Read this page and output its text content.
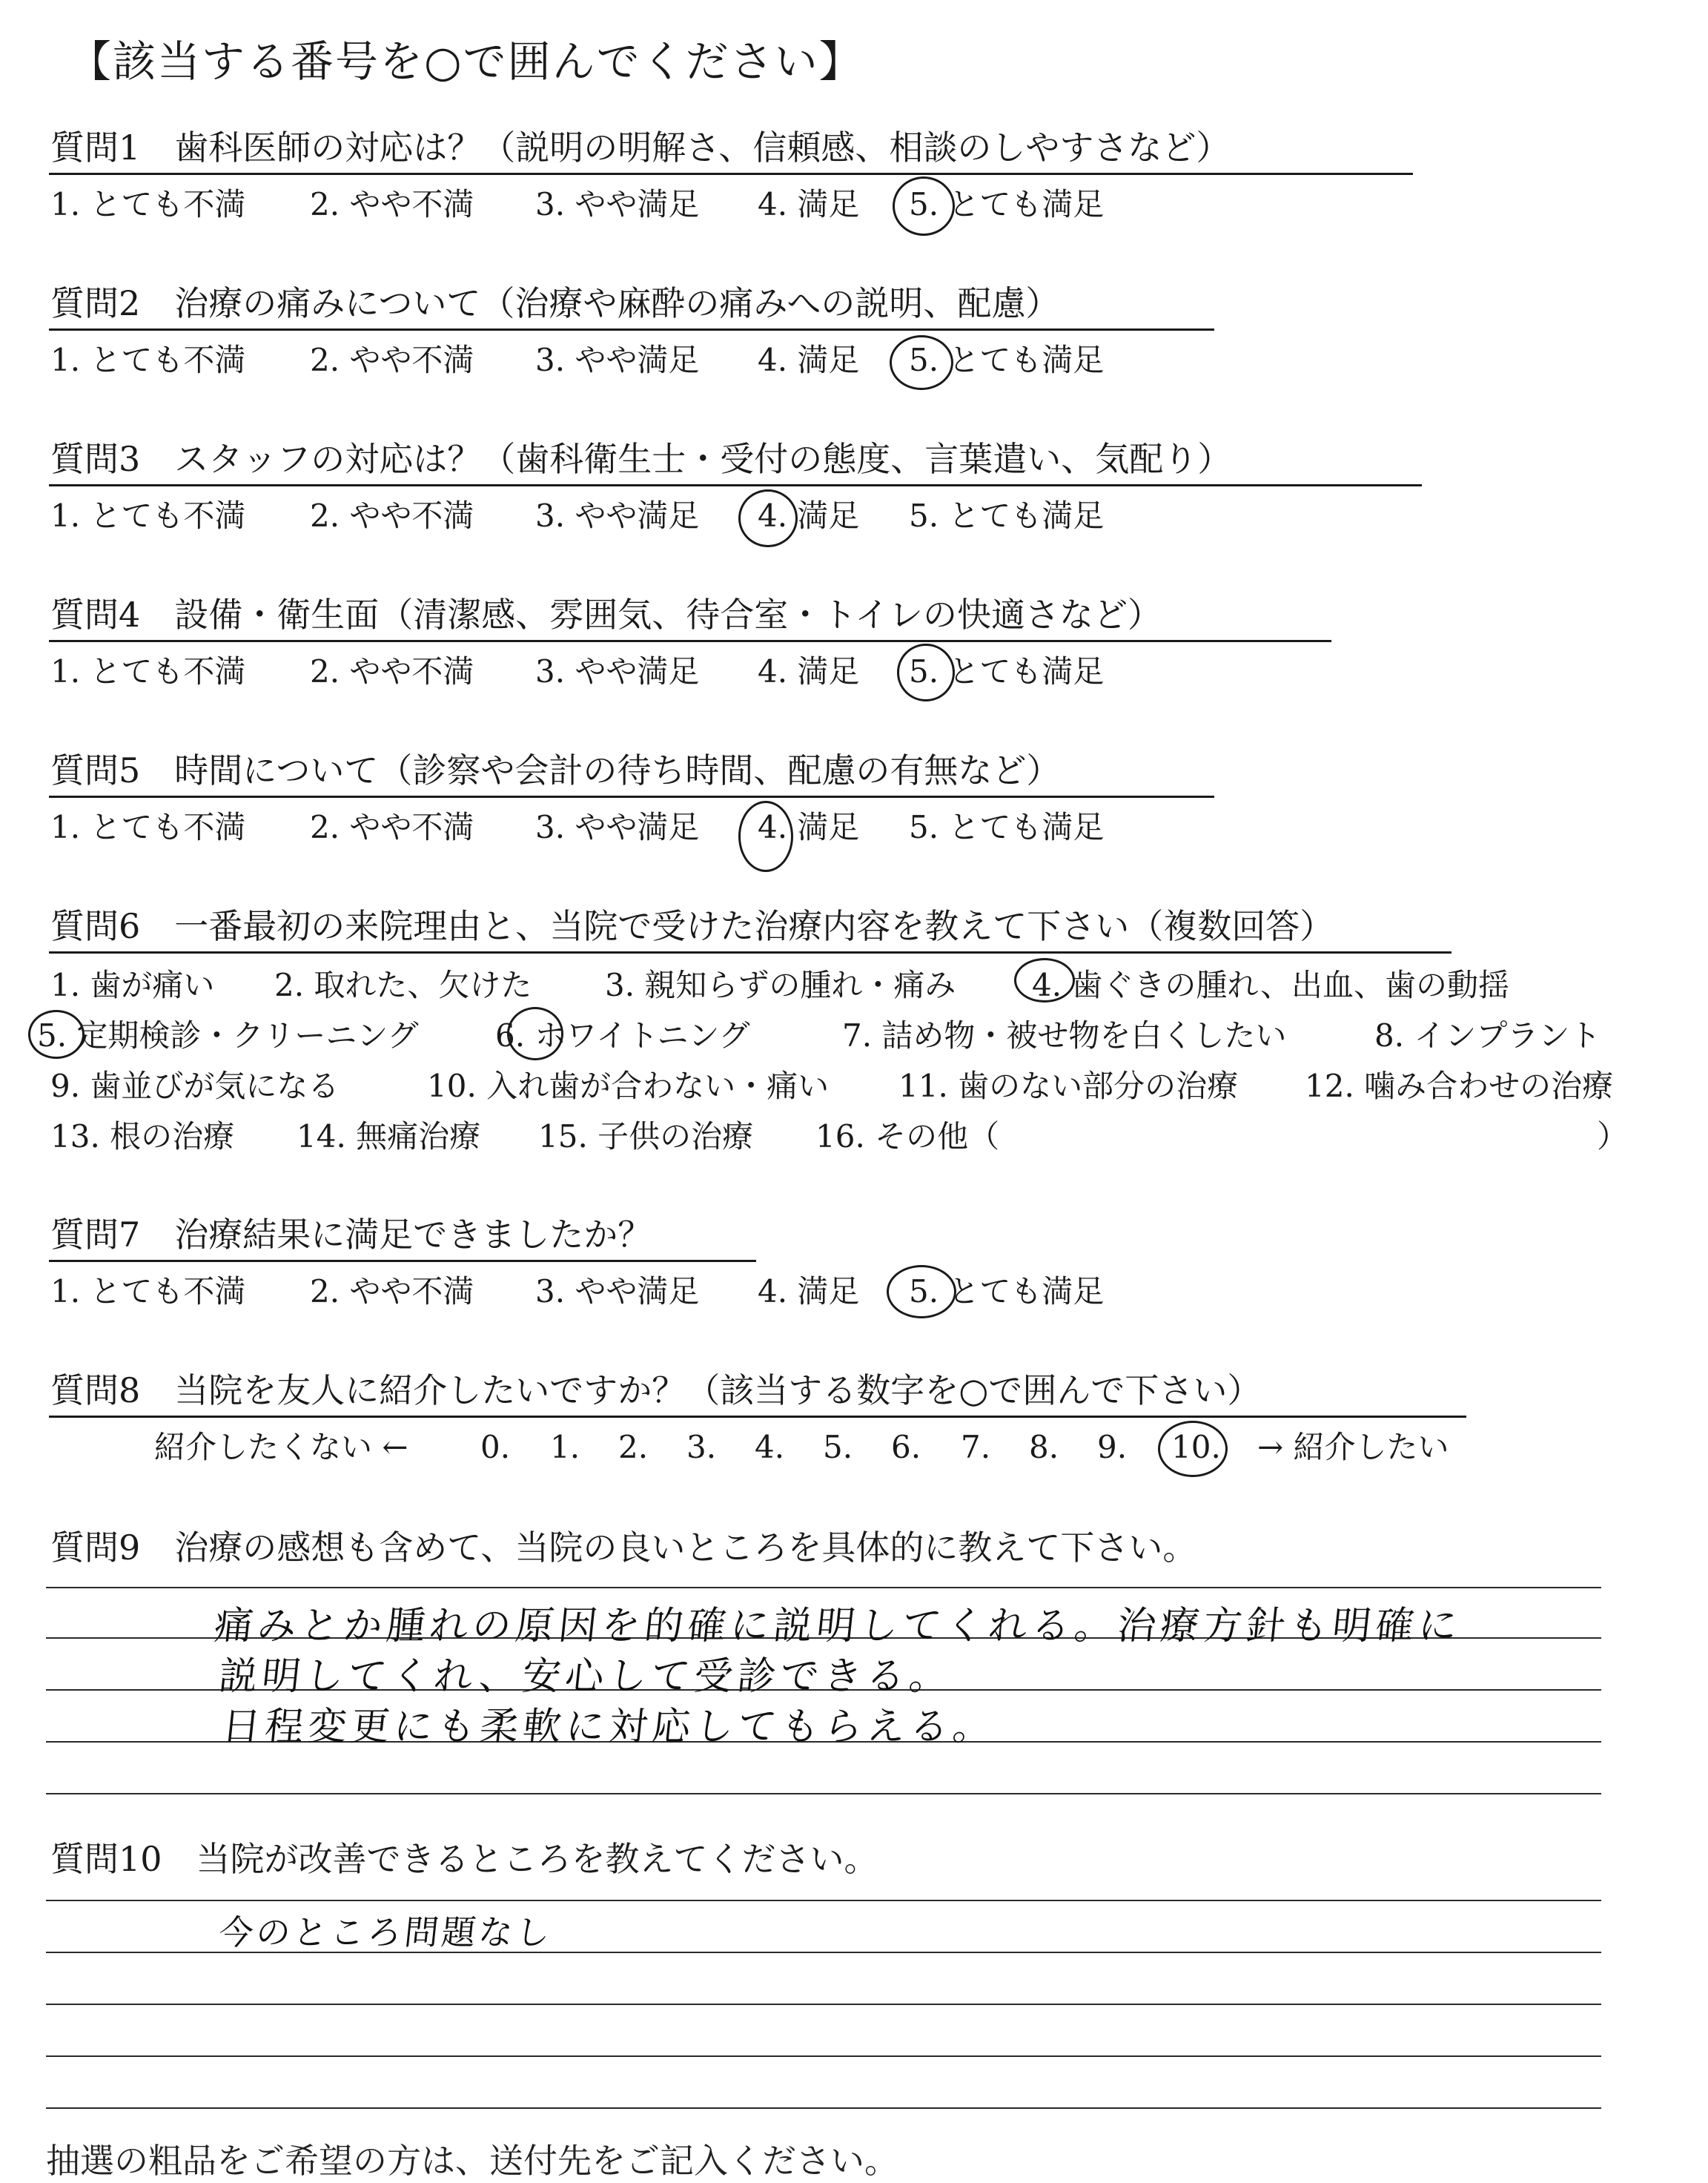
【該当する番号を○で囲んでください】
質問1　歯科医師の対応は？（説明の明解さ、信頼感、相談のしやすさなど）
1. とても不満 2. やや不満 3. やや満足 4. 満足 5. とても満足
質問2　治療の痛みについて（治療や麻酔の痛みへの説明、配慮）
1. とても不満 2. やや不満 3. やや満足 4. 満足 5. とても満足
質問3　スタッフの対応は？（歯科衛生士・受付の態度、言葉遣い、気配り）
1. とても不満 2. やや不満 3. やや満足 4. 満足 5. とても満足
質問4　設備・衛生面（清潔感、雰囲気、待合室・トイレの快適さなど）
1. とても不満 2. やや不満 3. やや満足 4. 満足 5. とても満足
質問5　時間について（診察や会計の待ち時間、配慮の有無など）
1. とても不満 2. やや不満 3. やや満足 4. 満足 5. とても満足
質問6　一番最初の来院理由と、当院で受けた治療内容を教えて下さい（複数回答）
1. 歯が痛い 2. 取れた、欠けた 3. 親知らずの腫れ・痛み 4. 歯ぐきの腫れ、出血、歯の動揺
5. 定期検診・クリーニング 6. ホワイトニング	7. 詰め物・被せ物を白くしたい	8. インプラント
9. 歯並びが気になる	10. 入れ歯が合わない・痛い 11. 歯のない部分の治療 12. 噛み合わせの治療
13. 根の治療 14. 無痛治療 15. 子供の治療 16. その他（	）
質問7　治療結果に満足できましたか？
1. とても不満 2. やや不満 3. やや満足 4. 満足 5. とても満足
質問8　当院を友人に紹介したいですか？（該当する数字を○で囲んで下さい）
紹介したくない ← 0. 1. 2. 3. 4. 5. 6. 7. 8. 9. 10. → 紹介したい
質問9　治療の感想も含めて、当院の良いところを具体的に教えて下さい。
痛みとか腫れの原因を的確に説明してくれる。治療方針も明確に
説明してくれ、安心して受診できる。
日程変更にも柔軟に対応してもらえる。
質問10　当院が改善できるところを教えてください。
今のところ問題なし
抽選の粗品をご希望の方は、送付先をご記入ください。
